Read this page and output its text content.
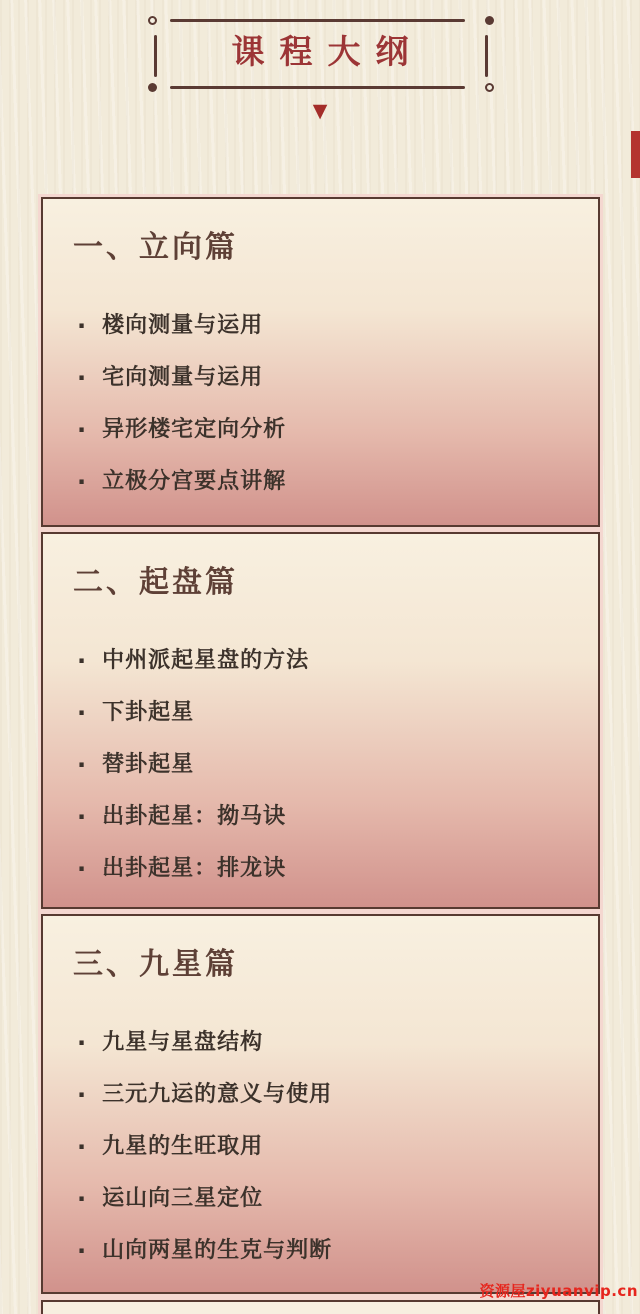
课程大纲
▼
一、立向篇
· 楼向测量与运用
· 宅向测量与运用
· 异形楼宅定向分析
· 立极分宫要点讲解
二、起盘篇
· 中州派起星盘的方法
· 下卦起星
· 替卦起星
· 出卦起星：拗马诀
· 出卦起星：排龙诀
三、九星篇
· 九星与星盘结构
· 三元九运的意义与使用
· 九星的生旺取用
· 运山向三星定位
· 山向两星的生克与判断
资源屋ziyuanvip.cn
